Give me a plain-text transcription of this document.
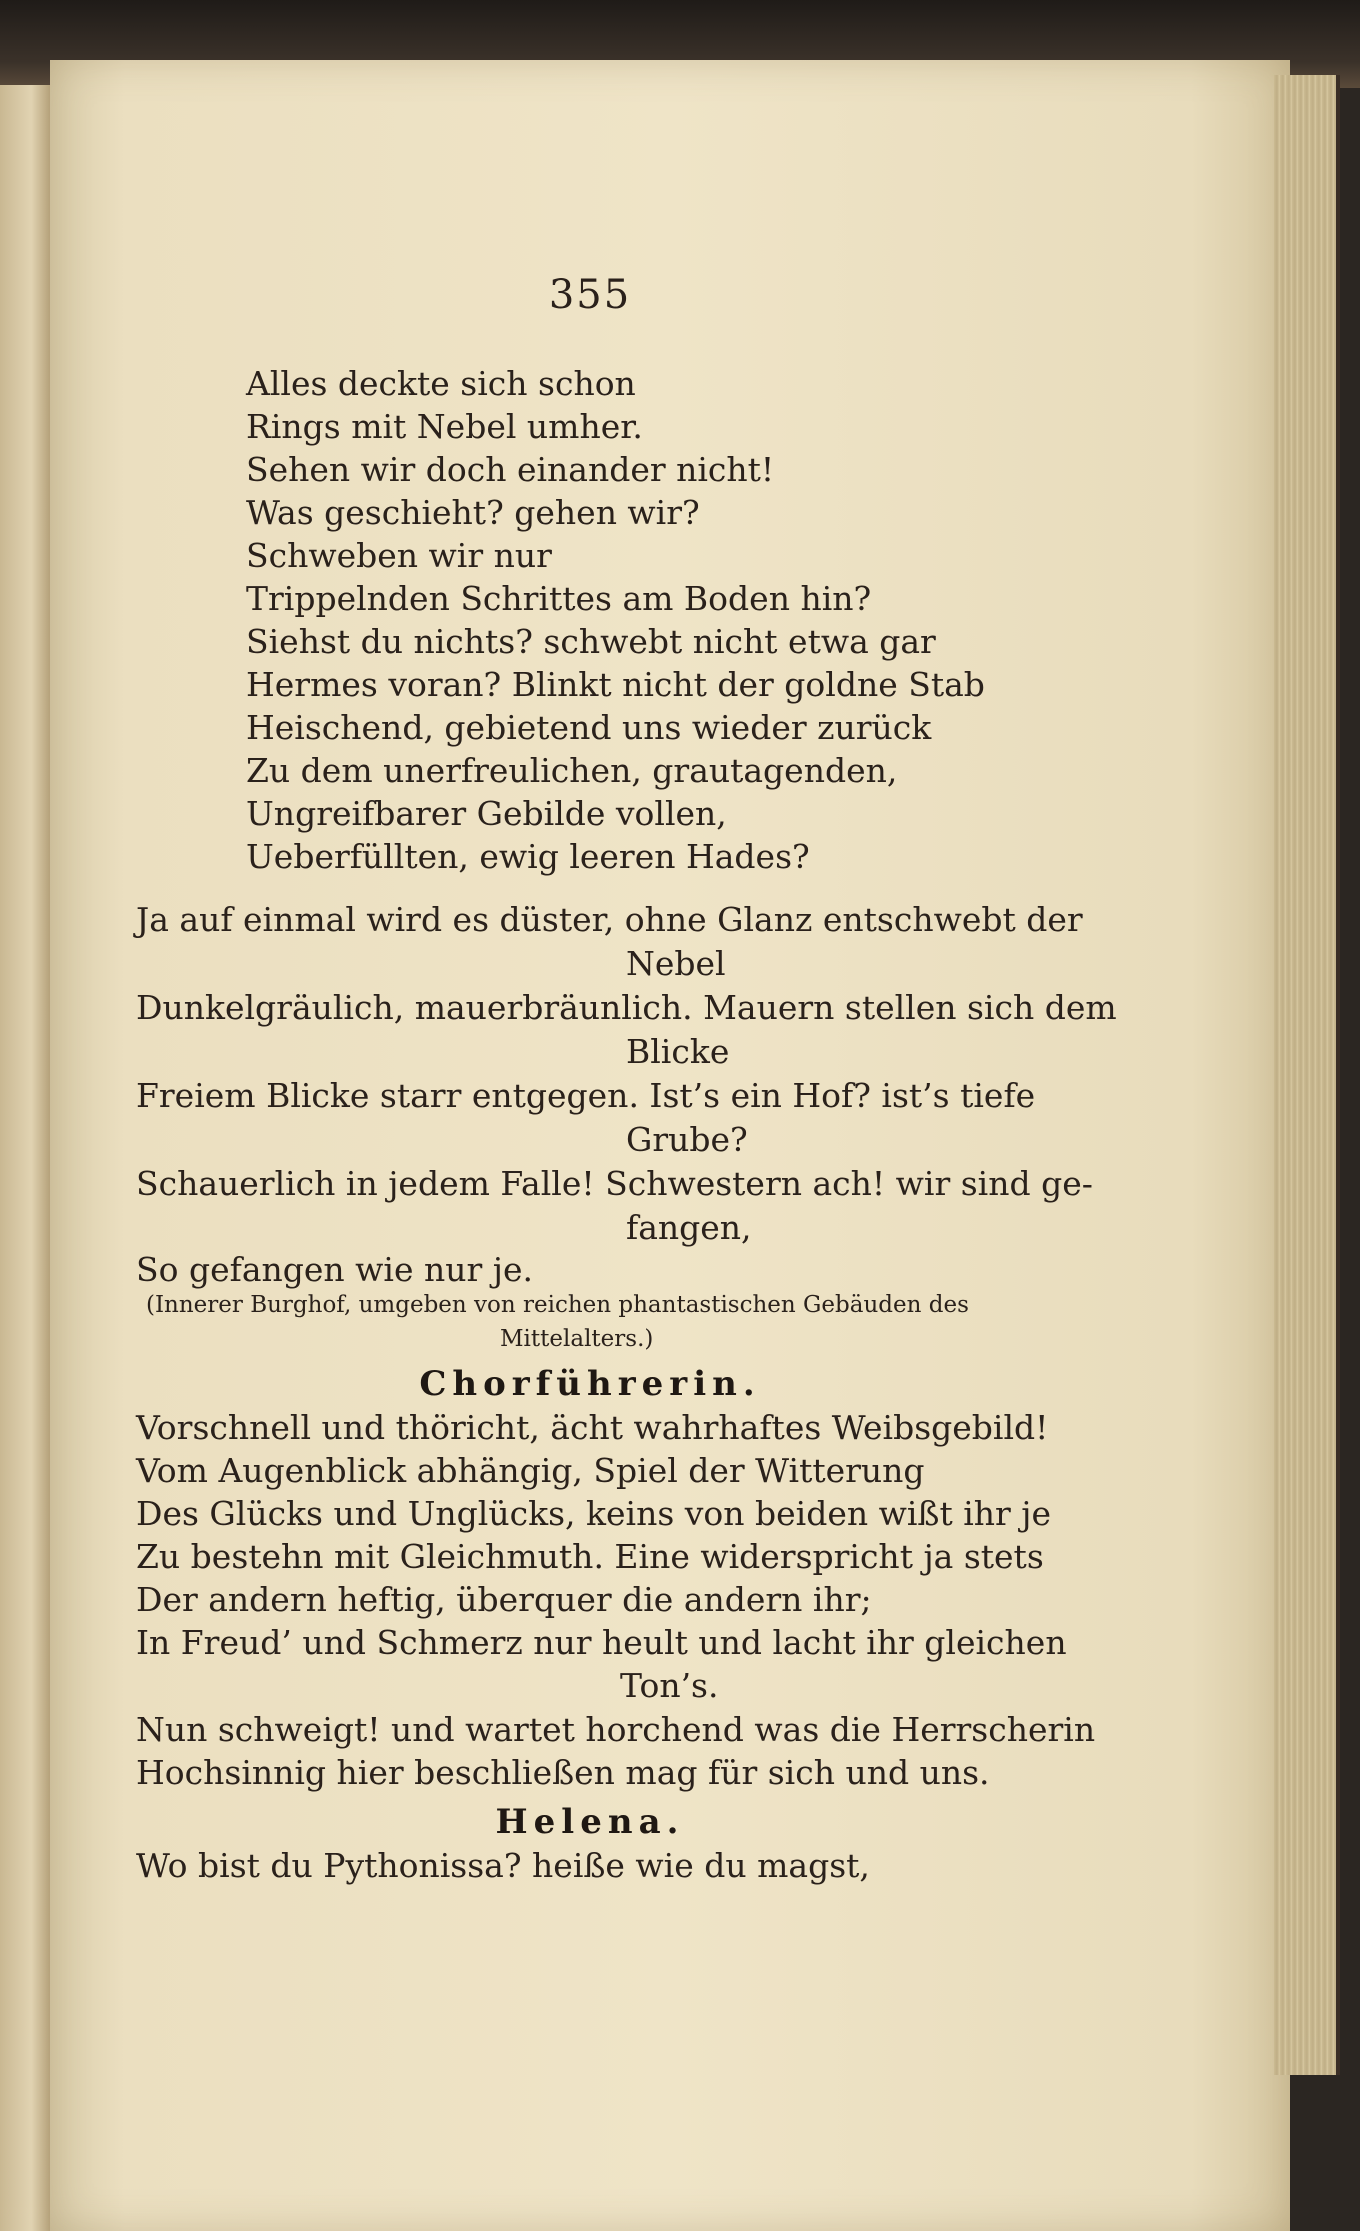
355
Alles deckte sich schon
Rings mit Nebel umher.
Sehen wir doch einander nicht!
Was geschieht? gehen wir?
Schweben wir nur
Trippelnden Schrittes am Boden hin?
Siehst du nichts? schwebt nicht etwa gar
Hermes voran? Blinkt nicht der goldne Stab
Heischend, gebietend uns wieder zurück
Zu dem unerfreulichen, grautagenden,
Ungreifbarer Gebilde vollen,
Ueberfüllten, ewig leeren Hades?
Ja auf einmal wird es düster, ohne Glanz entschwebt der
Nebel
Dunkelgräulich, mauerbräunlich. Mauern stellen sich dem
Blicke
Freiem Blicke starr entgegen. Ist’s ein Hof? ist’s tiefe
Grube?
Schauerlich in jedem Falle! Schwestern ach! wir sind ge-
fangen,
So gefangen wie nur je.
(Innerer Burghof, umgeben von reichen phantastischen Gebäuden des
Mittelalters.)
Chorführerin.
Vorschnell und thöricht, ächt wahrhaftes Weibsgebild!
Vom Augenblick abhängig, Spiel der Witterung
Des Glücks und Unglücks, keins von beiden wißt ihr je
Zu bestehn mit Gleichmuth. Eine widerspricht ja stets
Der andern heftig, überquer die andern ihr;
In Freud’ und Schmerz nur heult und lacht ihr gleichen
Ton’s.
Nun schweigt! und wartet horchend was die Herrscherin
Hochsinnig hier beschließen mag für sich und uns.
Helena.
Wo bist du Pythonissa? heiße wie du magst,
